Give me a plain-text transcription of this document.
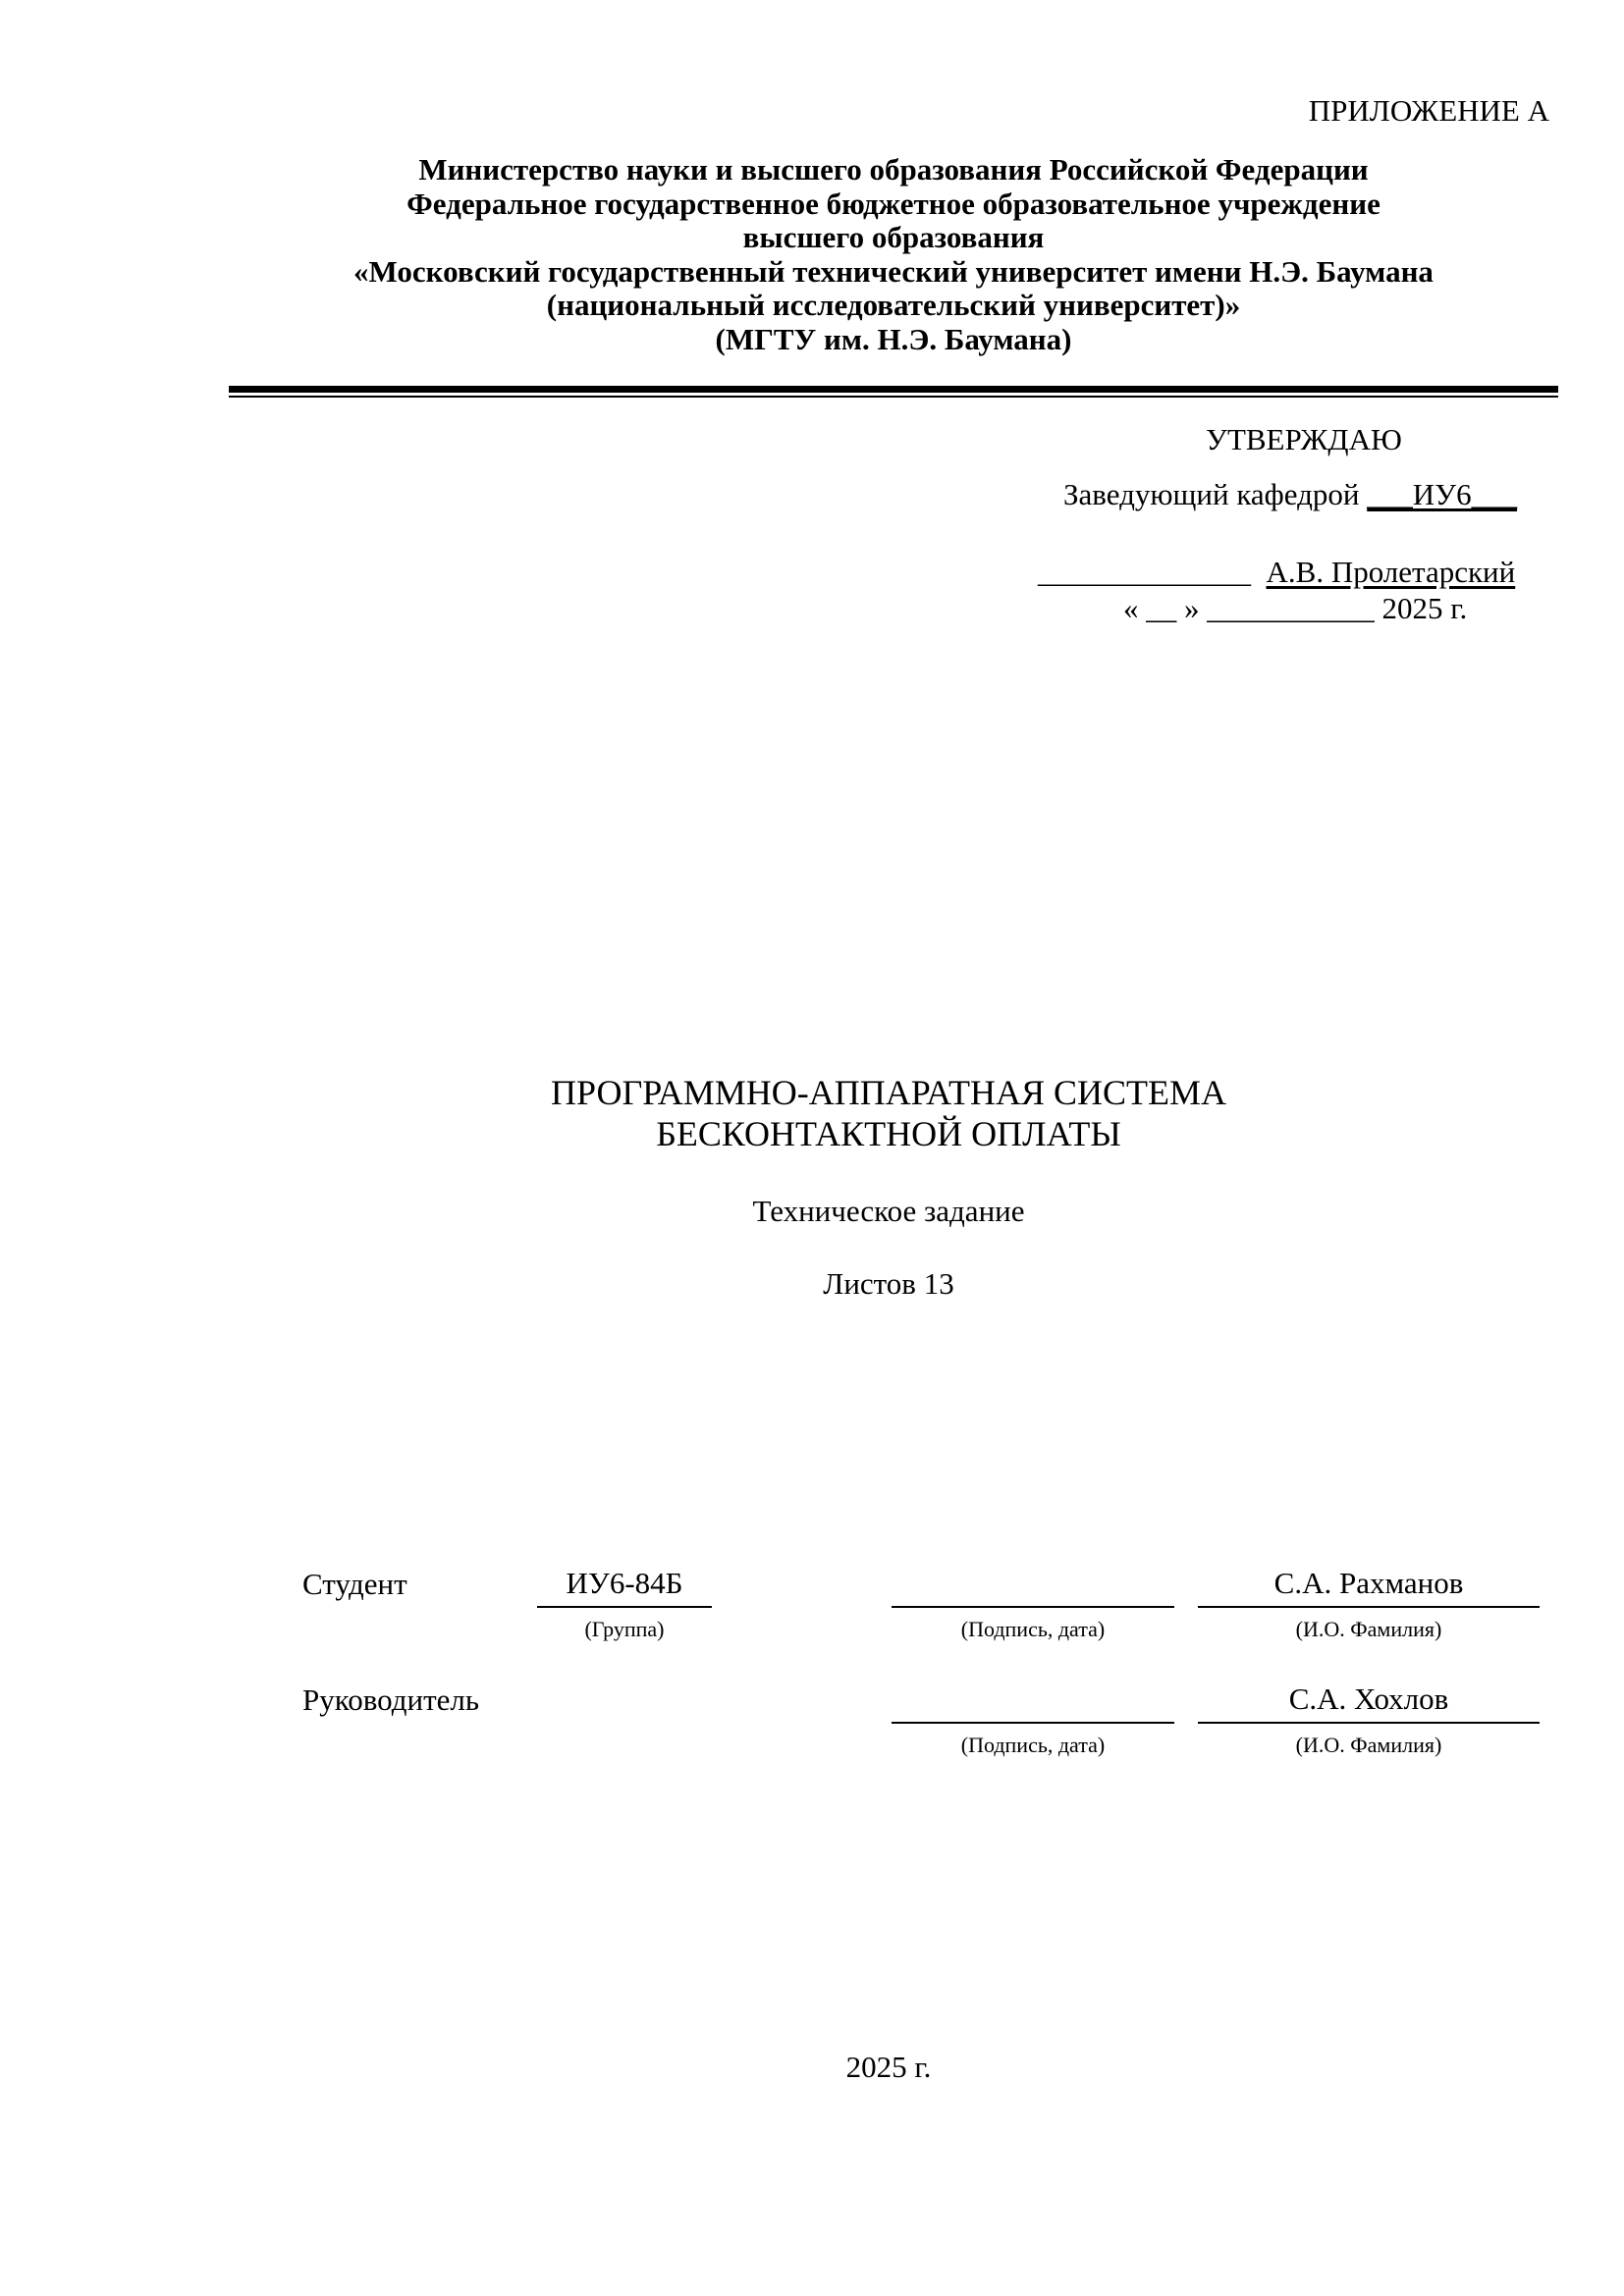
ПРИЛОЖЕНИЕ А
Министерство науки и высшего образования Российской Федерации
Федеральное государственное бюджетное образовательное учреждение
высшего образования
«Московский государственный технический университет имени Н.Э. Баумана
(национальный исследовательский университет)»
(МГТУ им. Н.Э. Баумана)
УТВЕРЖДАЮ
Заведующий кафедрой ___ИУ6___
______________ А.В. Пролетарский
« __ » ___________ 2025 г.
ПРОГРАММНО-АППАРАТНАЯ СИСТЕМА
БЕСКОНТАКТНОЙ ОПЛАТЫ
Техническое задание
Листов 13
Студент	ИУ6-84Б
(Группа)	(Подпись, дата)
С.А. Рахманов
(И.О. Фамилия)
Руководитель
(Подпись, дата)
С.А. Хохлов
(И.О. Фамилия)
2025 г.
